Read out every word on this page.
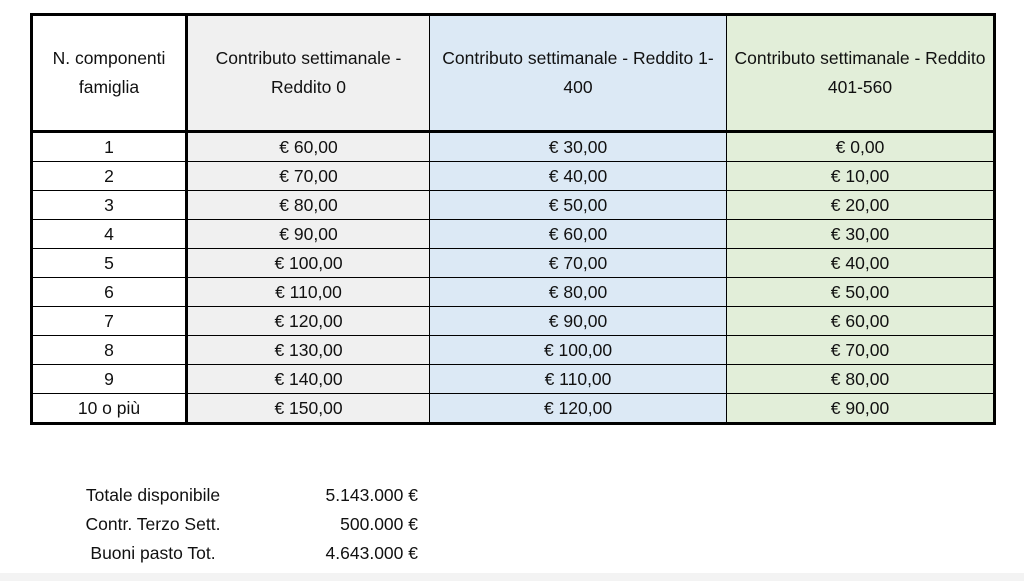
N. componenti famiglia	Contributo settimanale - Reddito 0	Contributo settimanale - Reddito 1-400	Contributo settimanale - Reddito 401-560
1	€ 60,00	€ 30,00	€ 0,00
2	€ 70,00	€ 40,00	€ 10,00
3	€ 80,00	€ 50,00	€ 20,00
4	€ 90,00	€ 60,00	€ 30,00
5	€ 100,00	€ 70,00	€ 40,00
6	€ 110,00	€ 80,00	€ 50,00
7	€ 120,00	€ 90,00	€ 60,00
8	€ 130,00	€ 100,00	€ 70,00
9	€ 140,00	€ 110,00	€ 80,00
10 o più	€ 150,00	€ 120,00	€ 90,00
Totale disponibile	5.143.000 €
Contr. Terzo Sett.	500.000 €
Buoni pasto Tot.	4.643.000 €
